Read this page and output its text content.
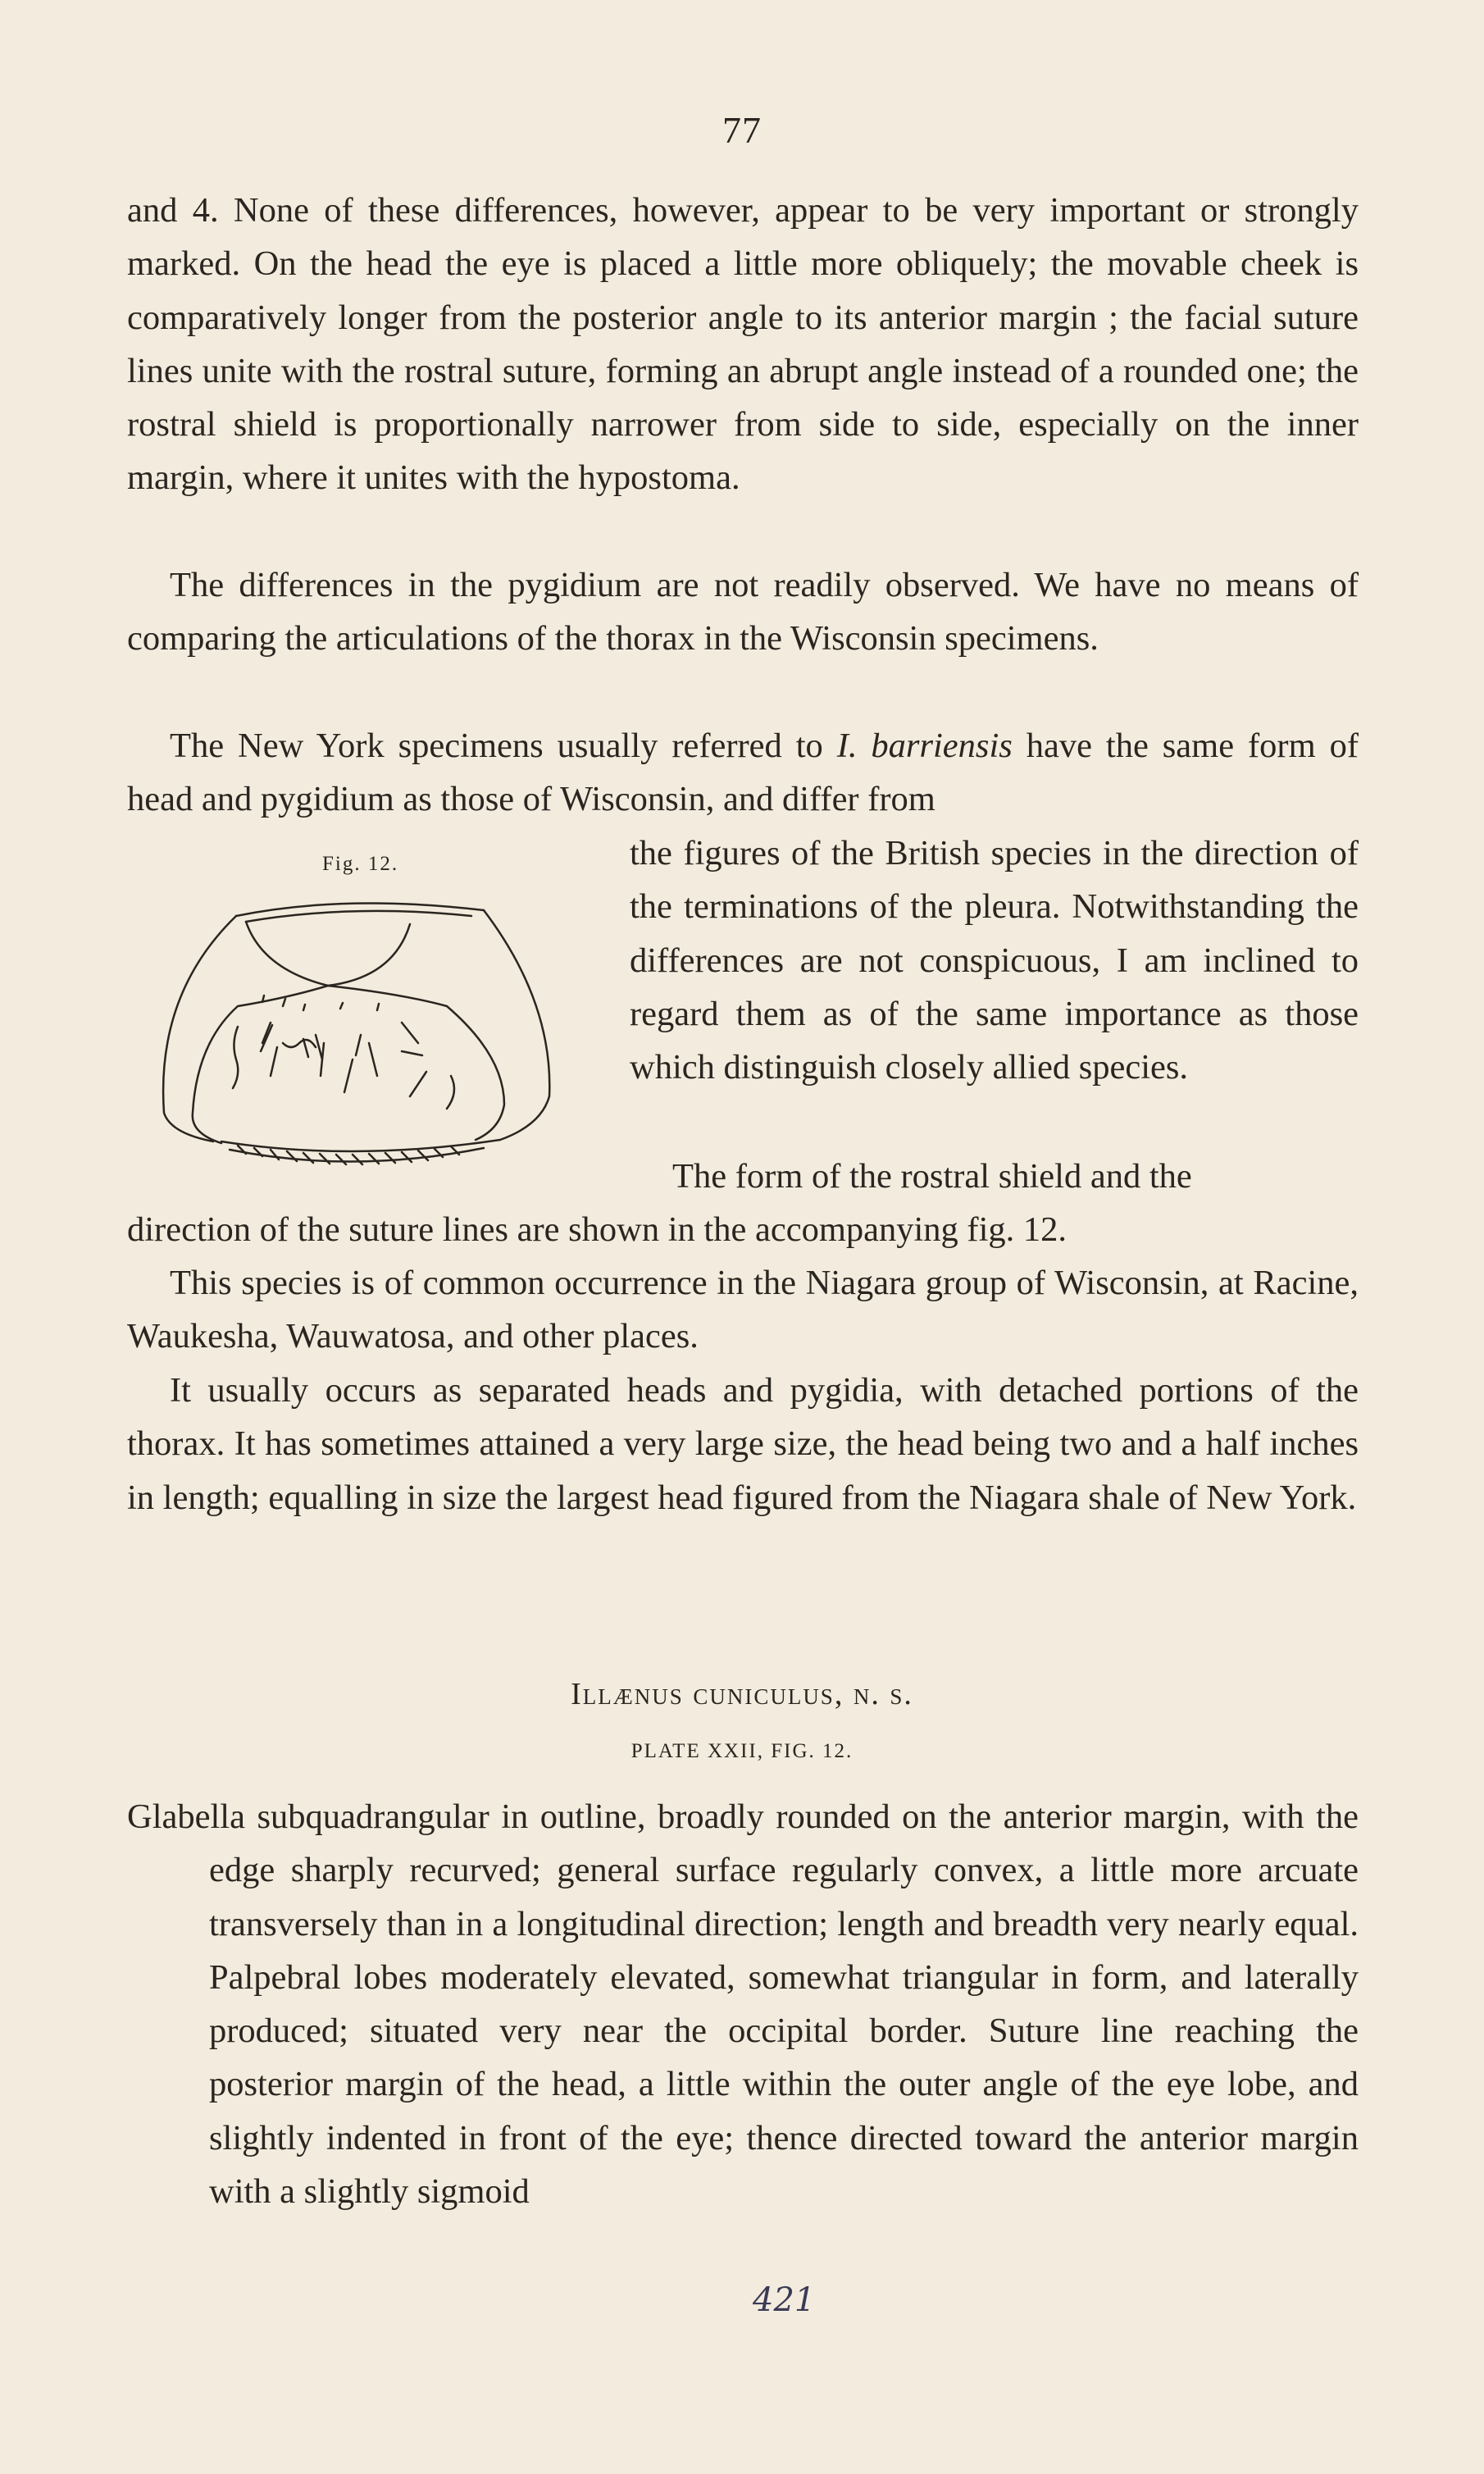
77

and 4. None of these differences, however, appear to be very important or strongly marked. On the head the eye is placed a little more obliquely; the movable cheek is comparatively longer from the posterior angle to its anterior margin ; the facial suture lines unite with the rostral suture, forming an abrupt angle instead of a rounded one; the rostral shield is proportionally narrower from side to side, especially on the inner margin, where it unites with the hypostoma.

The differences in the pygidium are not readily observed. We have no means of comparing the articulations of the thorax in the Wisconsin specimens.

The New York specimens usually referred to I. barriensis have the same form of head and pygidium as those of Wisconsin, and differ from

Fig. 12.	the figures of the British species in the direction of the terminations of the pleura. Notwithstanding the differences are not conspicuous, I am inclined to regard them as of the same importance as those which distinguish closely allied species.

The form of the rostral shield and the

direction of the suture lines are shown in the accompanying fig. 12.

This species is of common occurrence in the Niagara group of Wisconsin, at Racine, Waukesha, Wauwatosa, and other places.

It usually occurs as separated heads and pygidia, with detached portions of the thorax. It has sometimes attained a very large size, the head being two and a half inches in length; equalling in size the largest head figured from the Niagara shale of New York.

Illænus cuniculus, n. s.
PLATE XXII, FIG. 12.

Glabella subquadrangular in outline, broadly rounded on the anterior margin, with the edge sharply recurved; general surface regularly convex, a little more arcuate transversely than in a longitudinal direction; length and breadth very nearly equal. Palpebral lobes moderately elevated, somewhat triangular in form, and laterally produced; situated very near the occipital border. Suture line reaching the posterior margin of the head, a little within the outer angle of the eye lobe, and slightly indented in front of the eye; thence directed toward the anterior margin with a slightly sigmoid

421
